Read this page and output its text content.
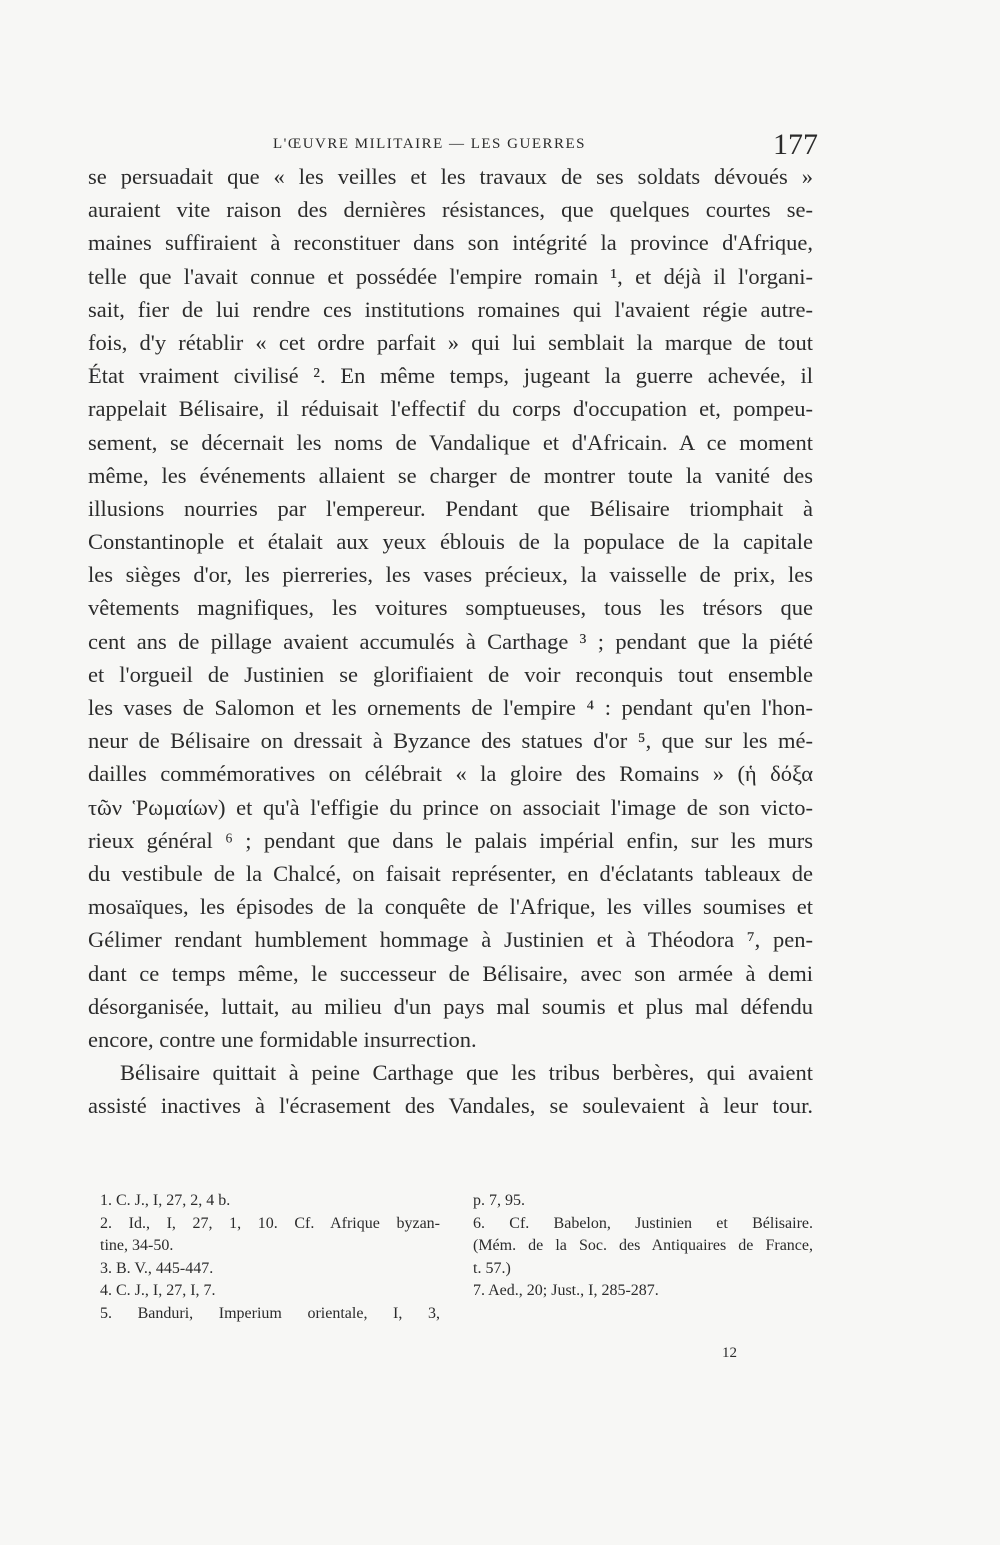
L'ŒUVRE MILITAIRE — LES GUERRES	177
se persuadait que « les veilles et les travaux de ses soldats dévoués »
auraient vite raison des dernières résistances, que quelques courtes se-
maines suffiraient à reconstituer dans son intégrité la province d'Afrique,
telle que l'avait connue et possédée l'empire romain ¹, et déjà il l'organi-
sait, fier de lui rendre ces institutions romaines qui l'avaient régie autre-
fois, d'y rétablir « cet ordre parfait » qui lui semblait la marque de tout
État vraiment civilisé ². En même temps, jugeant la guerre achevée, il
rappelait Bélisaire, il réduisait l'effectif du corps d'occupation et, pompeu-
sement, se décernait les noms de Vandalique et d'Africain. A ce moment
même, les événements allaient se charger de montrer toute la vanité des
illusions nourries par l'empereur. Pendant que Bélisaire triomphait à
Constantinople et étalait aux yeux éblouis de la populace de la capitale
les sièges d'or, les pierreries, les vases précieux, la vaisselle de prix, les
vêtements magnifiques, les voitures somptueuses, tous les trésors que
cent ans de pillage avaient accumulés à Carthage ³ ; pendant que la piété
et l'orgueil de Justinien se glorifiaient de voir reconquis tout ensemble
les vases de Salomon et les ornements de l'empire ⁴ : pendant qu'en l'hon-
neur de Bélisaire on dressait à Byzance des statues d'or ⁵, que sur les mé-
dailles commémoratives on célébrait « la gloire des Romains » (ἡ δόξα
τῶν Ῥωμαίων) et qu'à l'effigie du prince on associait l'image de son victo-
rieux général ⁶ ; pendant que dans le palais impérial enfin, sur les murs
du vestibule de la Chalcé, on faisait représenter, en d'éclatants tableaux de
mosaïques, les épisodes de la conquête de l'Afrique, les villes soumises et
Gélimer rendant humblement hommage à Justinien et à Théodora ⁷, pen-
dant ce temps même, le successeur de Bélisaire, avec son armée à demi
désorganisée, luttait, au milieu d'un pays mal soumis et plus mal défendu
encore, contre une formidable insurrection.
Bélisaire quittait à peine Carthage que les tribus berbères, qui avaient
assisté inactives à l'écrasement des Vandales, se soulevaient à leur tour.
1. C. J., I, 27, 2, 4 b.
2. Id., I, 27, 1, 10. Cf. Afrique byzan-
tine, 34-50.
3. B. V., 445-447.
4. C. J., I, 27, I, 7.
5. Banduri, Imperium orientale, I, 3,
p. 7, 95.
6. Cf. Babelon, Justinien et Bélisaire.
(Mém. de la Soc. des Antiquaires de France,
t. 57.)
7. Aed., 20; Just., I, 285-287.
12
